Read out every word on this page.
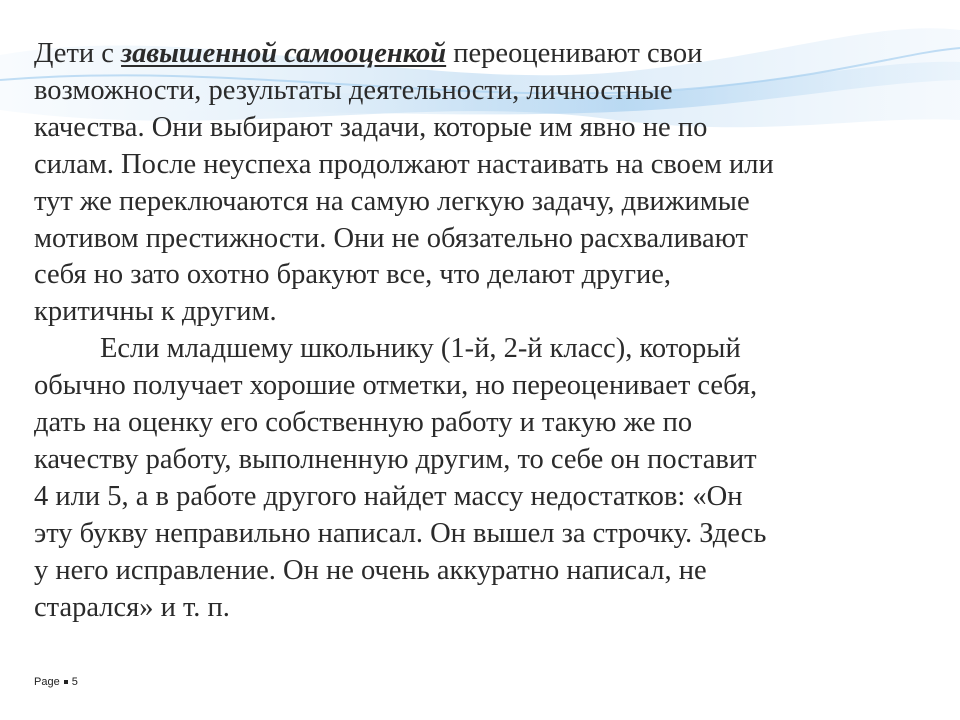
Дети с завышенной самооценкой переоценивают свои
возможности, результаты деятельности, личностные
качества. Они выбирают задачи, которые им явно не по
силам. После неуспеха продолжают настаивать на своем или
тут же переключаются на самую легкую задачу, движимые
мотивом престижности. Они не обязательно расхваливают
себя но зато охотно бракуют все, что делают другие,
критичны к другим.
Если младшему школьнику (1-й, 2-й класс), который
обычно получает хорошие отметки, но переоценивает себя,
дать на оценку его собственную работу и такую же по
качеству работу, выполненную другим, то себе он поставит
4 или 5, а в работе другого найдет массу недостатков: «Он
эту букву неправильно написал. Он вышел за строчку. Здесь
у него исправление. Он не очень аккуратно написал, не
старался» и т. п.
Page 5
